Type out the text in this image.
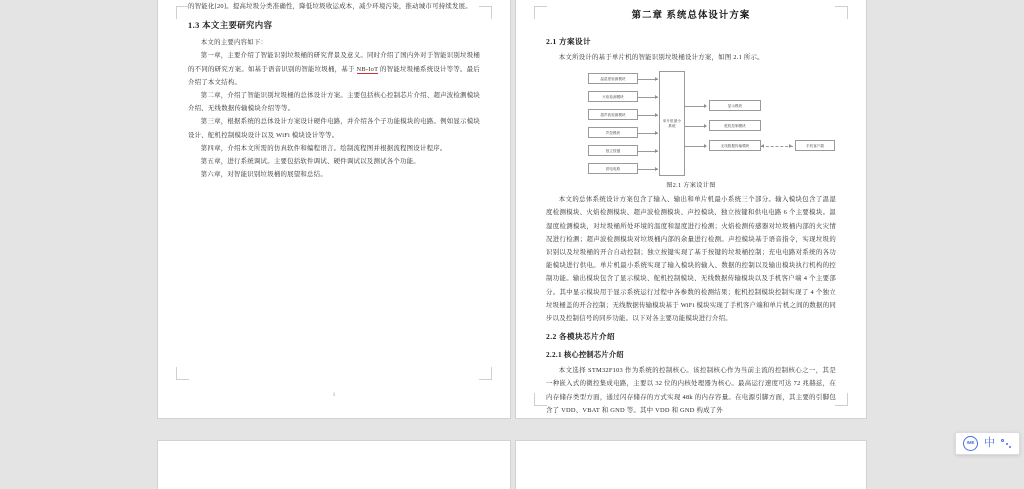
的智能化[20]。提高垃圾分类准确性，降低垃圾收运成本，减少环境污染，推动城市可持续发展。

1.3 本文主要研究内容

本文的主要内容如下：

第一章，主要介绍了智能识别垃圾桶的研究背景及意义。同时介绍了国内外对于智能识别垃圾桶的不同的研究方案。如基于语音识别的智能垃圾桶，基于 NB-IoT 的智能垃圾桶系统设计等等。最后介绍了本文结构。

第二章，介绍了智能识别垃圾桶的总体设计方案。主要包括核心控制芯片介绍、超声波检测模块介绍、无线数据传输模块介绍等等。

第三章，根据系统的总体设计方案设计硬件电路，并介绍各个子功能模块的电路。例如显示模块设计、舵机控制模块设计以及 WiFi 模块设计等等。

第四章，介绍本文所需的仿真软件和编程语言。绘制流程图并根据流程图设计程序。

第五章，进行系统调试。主要包括软件调试、硬件调试以及测试各个功能。

第六章，对智能识别垃圾桶的展望和总结。

1
第二章 系统总体设计方案
2.1 方案设计

本文所设计的基于单片机的智能识别垃圾桶设计方案，如图 2.1 所示。

温湿度检测模块
火焰检测模块
超声波检测模块
声控模块
独立按键
供电电路
单片机最小系统
显示模块
舵机控制模块
无线数据传输模块	手机客户端
图2.1 方案设计图

本文的总体系统设计方案包含了输入、输出和单片机最小系统三个部分。输入模块包含了温湿度检测模块、火焰检测模块、超声波检测模块、声控模块、独立按键和供电电路 6 个主要模块。温湿度检测模块，对垃圾桶所处环境的温度和湿度进行检测；火焰检测传感器对垃圾桶内部的火灾情况进行检测；超声波检测模块对垃圾桶内部的余量进行检测。声控模块基于语音指令，实现垃圾的识别以及垃圾桶的开合自动控制；独立按键实现了基于按键的垃圾桶控制；充电电路对系统的各功能模块进行供电。单片机最小系统实现了输入模块的输入、数据的控制以及输出模块执行机构的控制功能。输出模块包含了显示模块、舵机控制模块、无线数据传输模块以及手机客户端 4 个主要部分。其中显示模块用于显示系统运行过程中各参数的检测结果；舵机控制模块控制实现了 4 个独立垃圾桶盖的开合控制；无线数据传输模块基于 WiFi 模块实现了手机客户端和单片机之间的数据的同步以及控制信号的同步功能。以下对各主要功能模块进行介绍。

2.2 各模块芯片介绍
2.2.1 核心控制芯片介绍

本文选择 STM32F103 作为系统的控制核心。该控制核心作为当前主流的控制核心之一，其是一种嵌入式的微控集成电路，主要以 32 位的内核处理器为核心。最高运行速度可达 72 兆赫兹，在内存储存类型方面，通过闪存储存的方式实现 48k 的内存容量。在电源引脚方面，其主要的引脚包含了 VDD、VBAT 和 GND 等。其中 VDD 和 GND 构成了外

IME 中
